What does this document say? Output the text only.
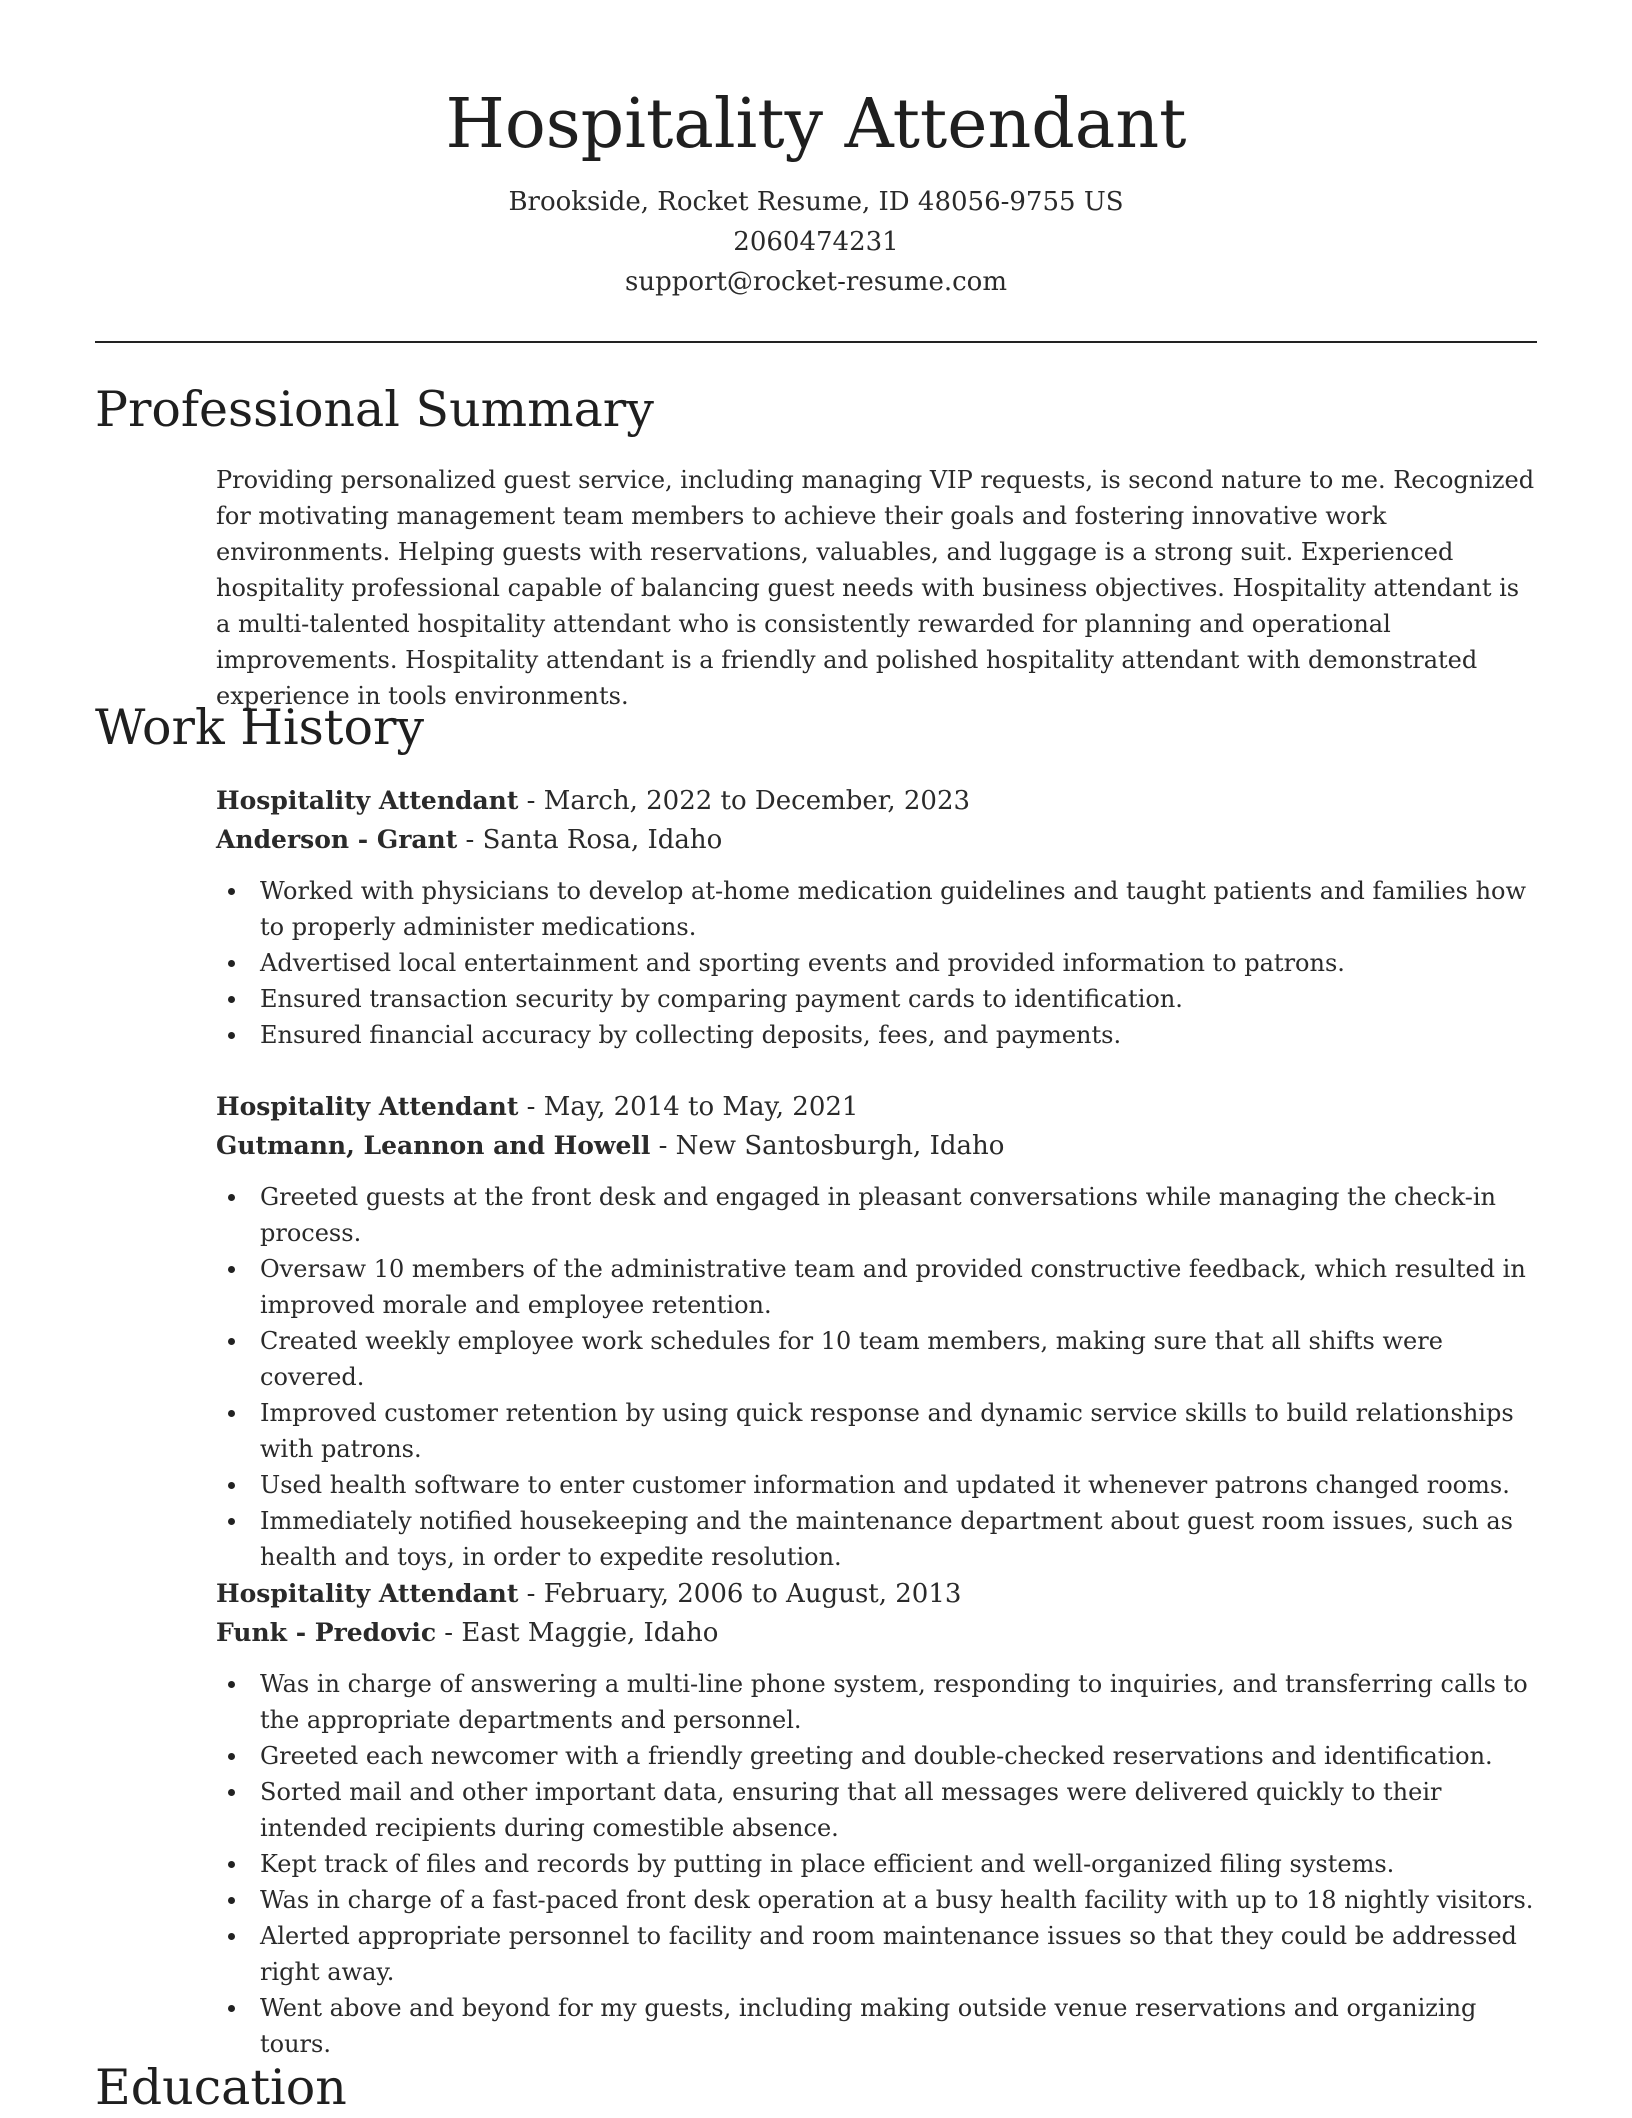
Hospitality Attendant
Brookside, Rocket Resume, ID 48056-9755 US
2060474231
support@rocket-resume.com
Professional Summary

Providing personalized guest service, including managing VIP requests, is second nature to me. Recognized for motivating management team members to achieve their goals and fostering innovative work environments. Helping guests with reservations, valuables, and luggage is a strong suit. Experienced hospitality professional capable of balancing guest needs with business objectives. Hospitality attendant is a multi-talented hospitality attendant who is consistently rewarded for planning and operational improvements. Hospitality attendant is a friendly and polished hospitality attendant with demonstrated experience in tools environments.

Work History
Hospitality Attendant - March, 2022 to December, 2023
Anderson - Grant - Santa Rosa, Idaho
Worked with physicians to develop at-home medication guidelines and taught patients and families how to properly administer medications.
Advertised local entertainment and sporting events and provided information to patrons.
Ensured transaction security by comparing payment cards to identification.
Ensured financial accuracy by collecting deposits, fees, and payments.
Hospitality Attendant - May, 2014 to May, 2021
Gutmann, Leannon and Howell - New Santosburgh, Idaho
Greeted guests at the front desk and engaged in pleasant conversations while managing the check-in process.
Oversaw 10 members of the administrative team and provided constructive feedback, which resulted in improved morale and employee retention.
Created weekly employee work schedules for 10 team members, making sure that all shifts were covered.
Improved customer retention by using quick response and dynamic service skills to build relationships with patrons.
Used health software to enter customer information and updated it whenever patrons changed rooms.
Immediately notified housekeeping and the maintenance department about guest room issues, such as health and toys, in order to expedite resolution.
Hospitality Attendant - February, 2006 to August, 2013
Funk - Predovic - East Maggie, Idaho
Was in charge of answering a multi-line phone system, responding to inquiries, and transferring calls to the appropriate departments and personnel.
Greeted each newcomer with a friendly greeting and double-checked reservations and identification.
Sorted mail and other important data, ensuring that all messages were delivered quickly to their intended recipients during comestible absence.
Kept track of files and records by putting in place efficient and well-organized filing systems.
Was in charge of a fast-paced front desk operation at a busy health facility with up to 18 nightly visitors.
Alerted appropriate personnel to facility and room maintenance issues so that they could be addressed right away.
Went above and beyond for my guests, including making outside venue reservations and organizing tours.
Education
